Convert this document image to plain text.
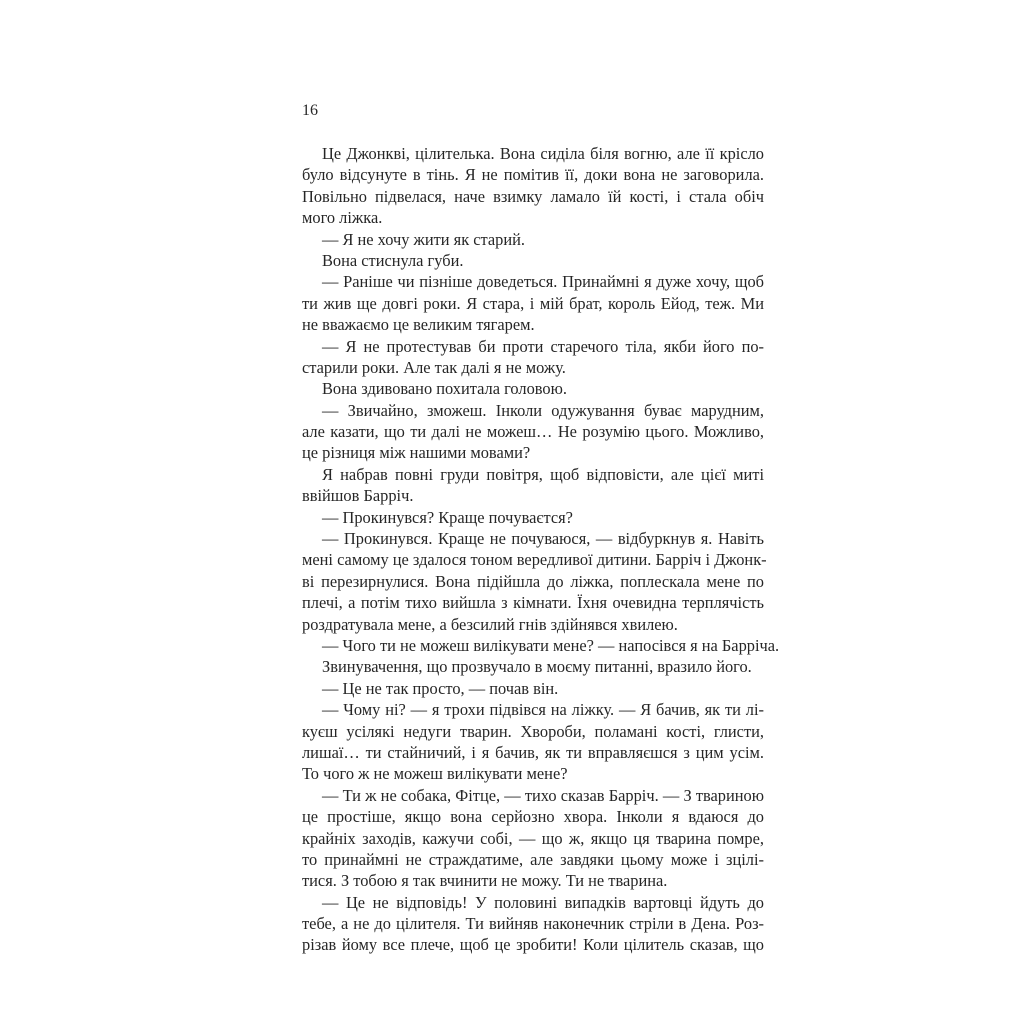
16
Це Джонкві, цілителька. Вона сиділа біля вогню, але її крісло
було відсунуте в тінь. Я не помітив її, доки вона не заговорила.
Повільно підвелася, наче взимку ламало їй кості, і стала обіч
мого ліжка.
— Я не хочу жити як старий.
Вона стиснула губи.
— Раніше чи пізніше доведеться. Принаймні я дуже хочу, щоб
ти жив ще довгі роки. Я стара, і мій брат, король Ейод, теж. Ми
не вважаємо це великим тягарем.
— Я не протестував би проти старечого тіла, якби його по-
старили роки. Але так далі я не можу.
Вона здивовано похитала головою.
— Звичайно, зможеш. Інколи одужування буває марудним,
але казати, що ти далі не можеш… Не розумію цього. Можливо,
це різниця між нашими мовами?
Я набрав повні груди повітря, щоб відповісти, але цієї миті
ввійшов Барріч.
— Прокинувся? Краще почуваєтся?
— Прокинувся. Краще не почуваюся, — відбуркнув я. Навіть
мені самому це здалося тоном вередливої дитини. Барріч і Джонк-
ві перезирнулися. Вона підійшла до ліжка, поплескала мене по
плечі, а потім тихо вийшла з кімнати. Їхня очевидна терплячість
роздратувала мене, а безсилий гнів здійнявся хвилею.
— Чого ти не можеш вилікувати мене? — напосівся я на Барріча.
Звинувачення, що прозвучало в моєму питанні, вразило його.
— Це не так просто, — почав він.
— Чому ні? — я трохи підвівся на ліжку. — Я бачив, як ти лі-
куєш усілякі недуги тварин. Хвороби, поламані кості, глисти,
лишаї… ти стайничий, і я бачив, як ти вправляєшся з цим усім.
То чого ж не можеш вилікувати мене?
— Ти ж не собака, Фітце, — тихо сказав Барріч. — З твариною
це простіше, якщо вона серйозно хвора. Інколи я вдаюся до
крайніх заходів, кажучи собі, — що ж, якщо ця тварина помре,
то принаймні не страждатиме, але завдяки цьому може і зцілі-
тися. З тобою я так вчинити не можу. Ти не тварина.
— Це не відповідь! У половині випадків вартовці йдуть до
тебе, а не до цілителя. Ти вийняв наконечник стріли в Дена. Роз-
різав йому все плече, щоб це зробити! Коли цілитель сказав, що
